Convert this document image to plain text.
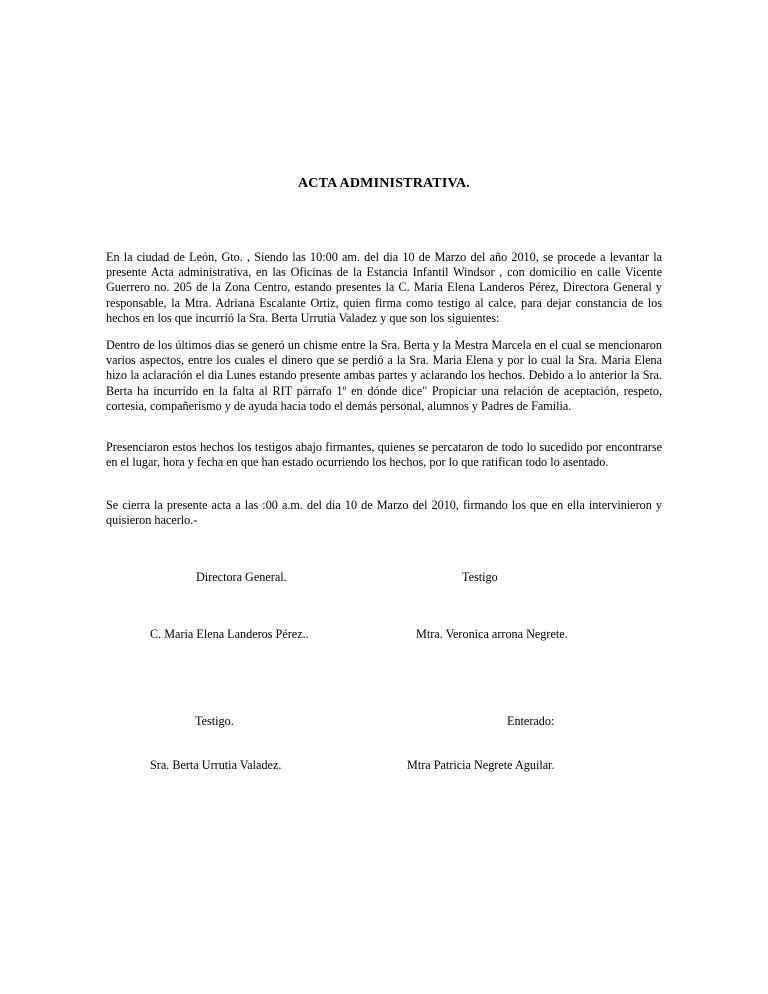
ACTA ADMINISTRATIVA.

En la ciudad de León, Gto. , Siendo las 10:00 am. del dia 10 de Marzo del año 2010, se procede a levantar la presente Acta administrativa, en las Oficinas de la Estancia Infantil Windsor , con domicilio en calle Vicente Guerrero no. 205 de la Zona Centro, estando presentes la C. Maria Elena Landeros Pérez, Directora General y responsable, la Mtra. Adriana Escalante Ortiz, quien firma como testigo al calce, para dejar constancia de los hechos en los que incurrió la Sra. Berta Urrutia Valadez y que son los siguientes:

Dentro de los últimos dias se generó un chisme entre la Sra. Berta y la Mestra Marcela en el cual se mencionaron varios aspectos, entre los cuales el dinero que se perdió a la Sra. Maria Elena y por lo cual la Sra. Maria Elena hizo la aclaración el dia Lunes estando presente ambas partes y aclarando los hechos. Debido a lo anterior la Sra. Berta ha incurrido en la falta al RIT párrafo 1º en dónde dice" Propiciar una relación de aceptación, respeto, cortesia, compañerismo y de ayuda hacia todo el demás personal, alumnos y Padres de Familia.

Presenciaron estos hechos los testigos abajo firmantes, quienes se percataron de todo lo sucedido por encontrarse en el lugar, hora y fecha en que han estado ocurriendo los hechos, por lo que ratifican todo lo asentado.

Se cierra la presente acta a las :00 a.m. del dia 10 de Marzo del 2010, firmando los que en ella intervinieron y quisieron hacerlo.-

Directora General.	Testigo
C. Maria Elena Landeros Pérez..	Mtra. Veronica arrona Negrete.
Testigo.	Enterado:
Sra. Berta Urrutia Valadez.	Mtra Patricia Negrete Aguilar.
